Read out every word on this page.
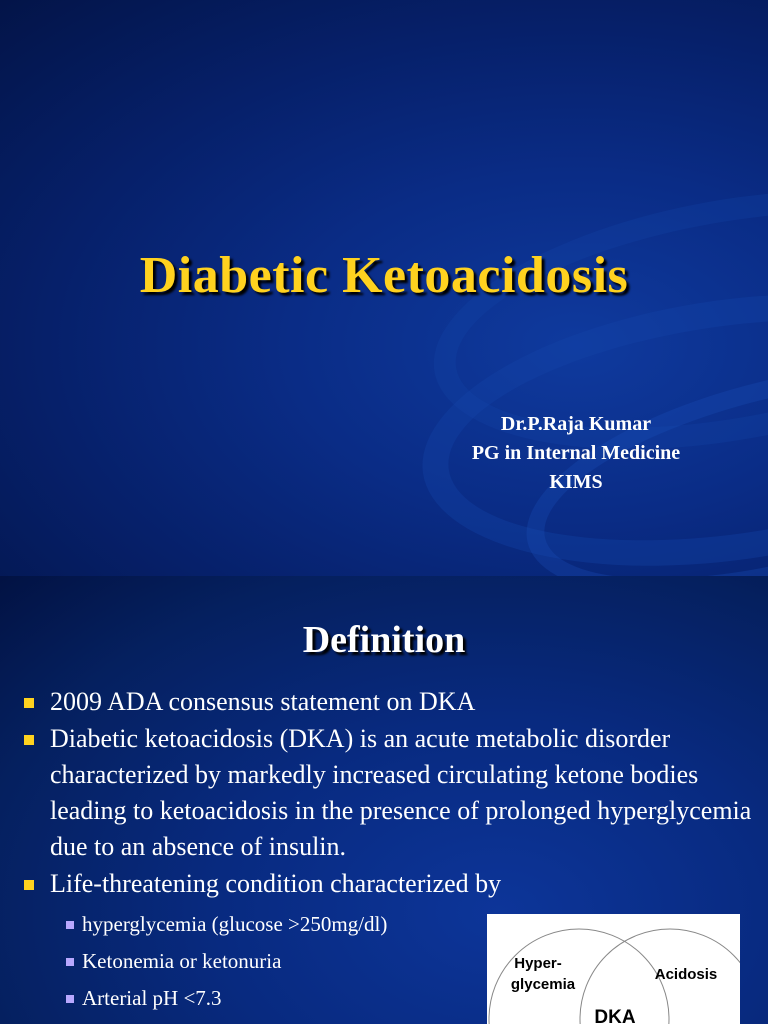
Diabetic Ketoacidosis
Dr.P.Raja Kumar
PG in Internal Medicine
KIMS
Definition
2009 ADA consensus statement on DKA
Diabetic ketoacidosis (DKA) is an acute metabolic disorder characterized by markedly increased circulating ketone bodies leading to ketoacidosis in the presence of prolonged hyperglycemia due to an absence of insulin.
Life-threatening condition characterized by
hyperglycemia (glucose >250mg/dl)
Ketonemia or ketonuria
Arterial pH <7.3
Hyper-
glycemia
Acidosis
DKA
